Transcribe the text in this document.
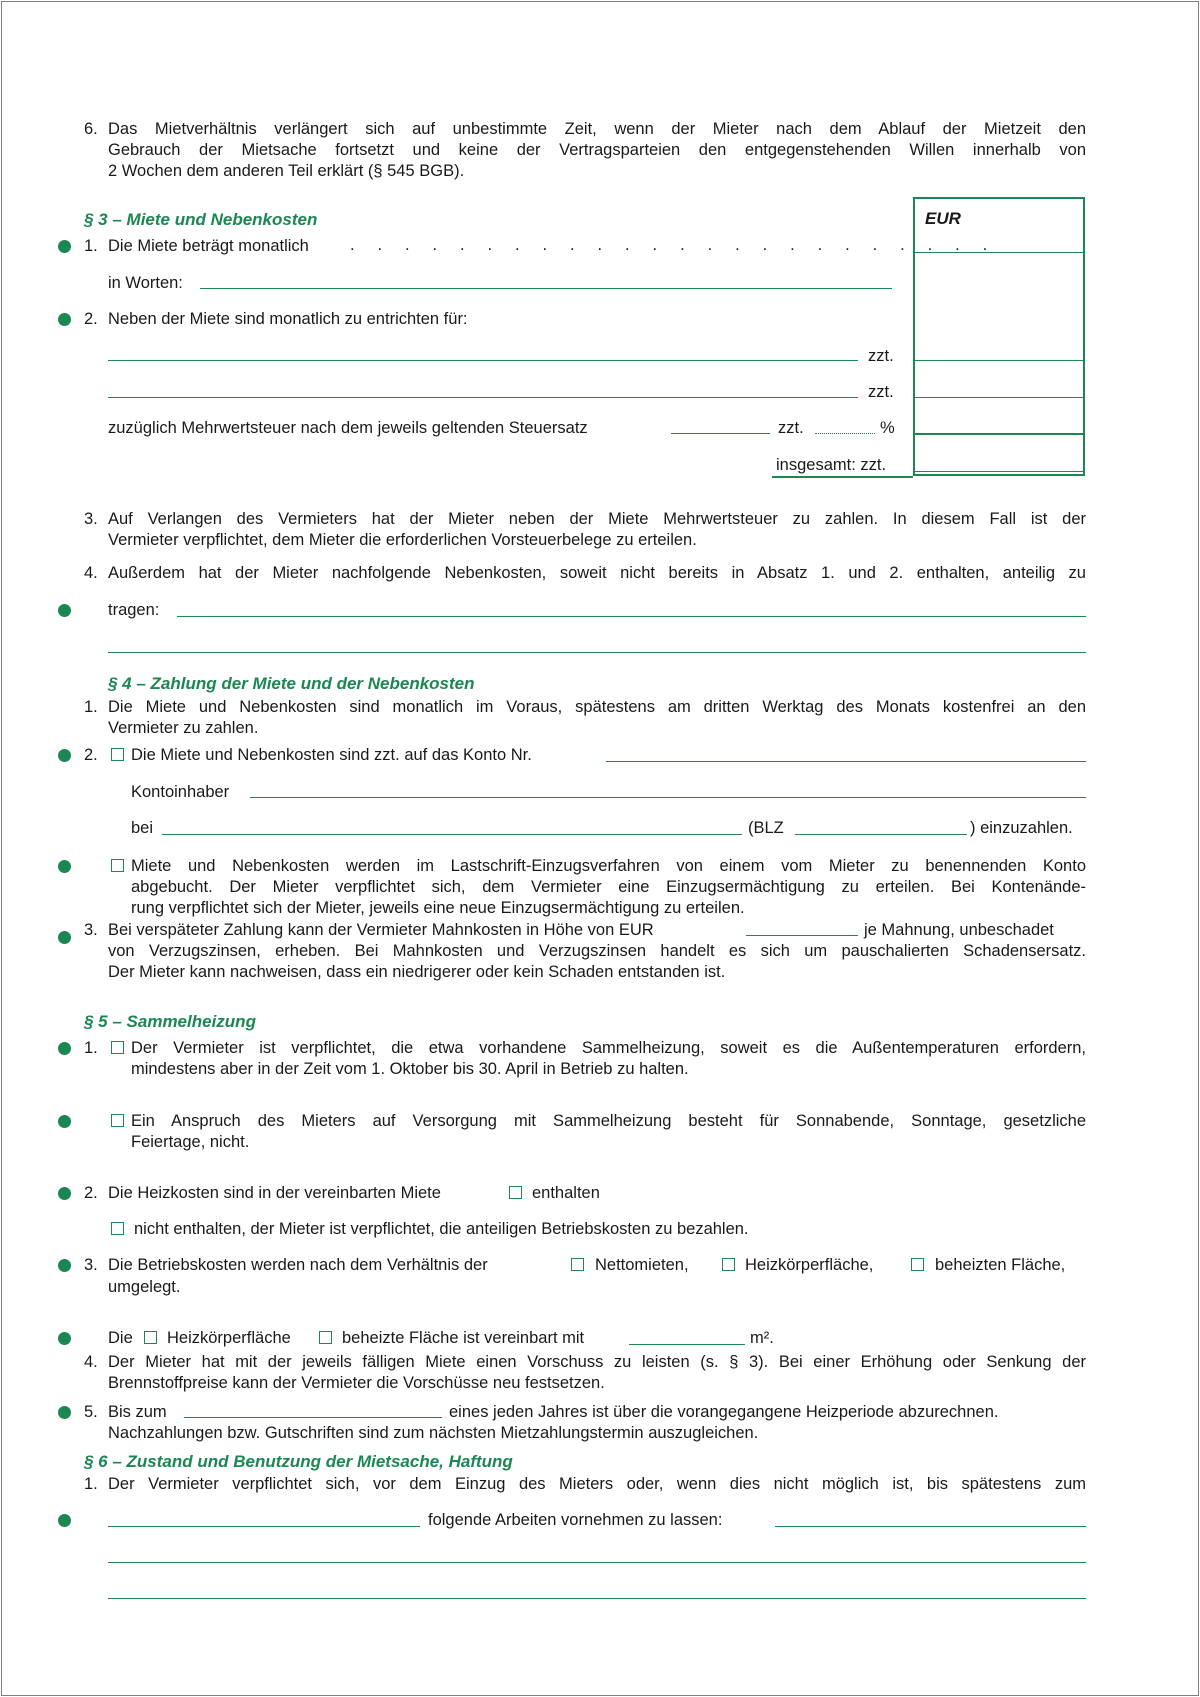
6. Das Mietverhältnis verlängert sich auf unbestimmte Zeit, wenn der Mieter nach dem Ablauf der Mietzeit den
Gebrauch der Mietsache fortsetzt und keine der Vertragsparteien den entgegenstehenden Willen innerhalb von
2 Wochen dem anderen Teil erklärt (§ 545 BGB).
§ 3 – Miete und Nebenkosten	EUR
1. Die Miete beträgt monatlich .     .     .     .     .     .     .     .     .     .     .     .     .     .     .     .     .     .     .     .     .     .     .     .
in Worten:
2. Neben der Miete sind monatlich zu entrichten für:
zzt.
zzt.
zuzüglich Mehrwertsteuer nach dem jeweils geltenden Steuersatz	zzt.	%
insgesamt: zzt.
3. Auf Verlangen des Vermieters hat der Mieter neben der Miete Mehrwertsteuer zu zahlen. In diesem Fall ist der
Vermieter verpflichtet, dem Mieter die erforderlichen Vorsteuerbelege zu erteilen.
4. Außerdem hat der Mieter nachfolgende Nebenkosten, soweit nicht bereits in Absatz 1. und 2. enthalten, anteilig zu
tragen:
§ 4 – Zahlung der Miete und der Nebenkosten
1. Die Miete und Nebenkosten sind monatlich im Voraus, spätestens am dritten Werktag des Monats kostenfrei an den
Vermieter zu zahlen.
2. Die Miete und Nebenkosten sind zzt. auf das Konto Nr.
Kontoinhaber
bei	(BLZ	) einzuzahlen.
Miete und Nebenkosten werden im Lastschrift-Einzugsverfahren von einem vom Mieter zu benennenden Konto
abgebucht. Der Mieter verpflichtet sich, dem Vermieter eine Einzugsermächtigung zu erteilen. Bei Kontenände-
rung verpflichtet sich der Mieter, jeweils eine neue Einzugsermächtigung zu erteilen.
3. Bei verspäteter Zahlung kann der Vermieter Mahnkosten in Höhe von EUR	je Mahnung, unbeschadet
von Verzugszinsen, erheben. Bei Mahnkosten und Verzugszinsen handelt es sich um pauschalierten Schadensersatz.
Der Mieter kann nachweisen, dass ein niedrigerer oder kein Schaden entstanden ist.
§ 5 – Sammelheizung
1. Der Vermieter ist verpflichtet, die etwa vorhandene Sammelheizung, soweit es die Außentemperaturen erfordern,
mindestens aber in der Zeit vom 1. Oktober bis 30. April in Betrieb zu halten.
Ein Anspruch des Mieters auf Versorgung mit Sammelheizung besteht für Sonnabende, Sonntage, gesetzliche
Feiertage, nicht.
2. Die Heizkosten sind in der vereinbarten Miete	enthalten
nicht enthalten, der Mieter ist verpflichtet, die anteiligen Betriebskosten zu bezahlen.
3. Die Betriebskosten werden nach dem Verhältnis der	Nettomieten,	Heizkörperfläche,	beheizten Fläche,
umgelegt.
Die Heizkörperfläche	beheizte Fläche ist vereinbart mit	m².
4. Der Mieter hat mit der jeweils fälligen Miete einen Vorschuss zu leisten (s. § 3). Bei einer Erhöhung oder Senkung der
Brennstoffpreise kann der Vermieter die Vorschüsse neu festsetzen.
5. Bis zum	eines jeden Jahres ist über die vorangegangene Heizperiode abzurechnen.
Nachzahlungen bzw. Gutschriften sind zum nächsten Mietzahlungstermin auszugleichen.
§ 6 – Zustand und Benutzung der Mietsache, Haftung
1. Der Vermieter verpflichtet sich, vor dem Einzug des Mieters oder, wenn dies nicht möglich ist, bis spätestens zum
folgende Arbeiten vornehmen zu lassen:
